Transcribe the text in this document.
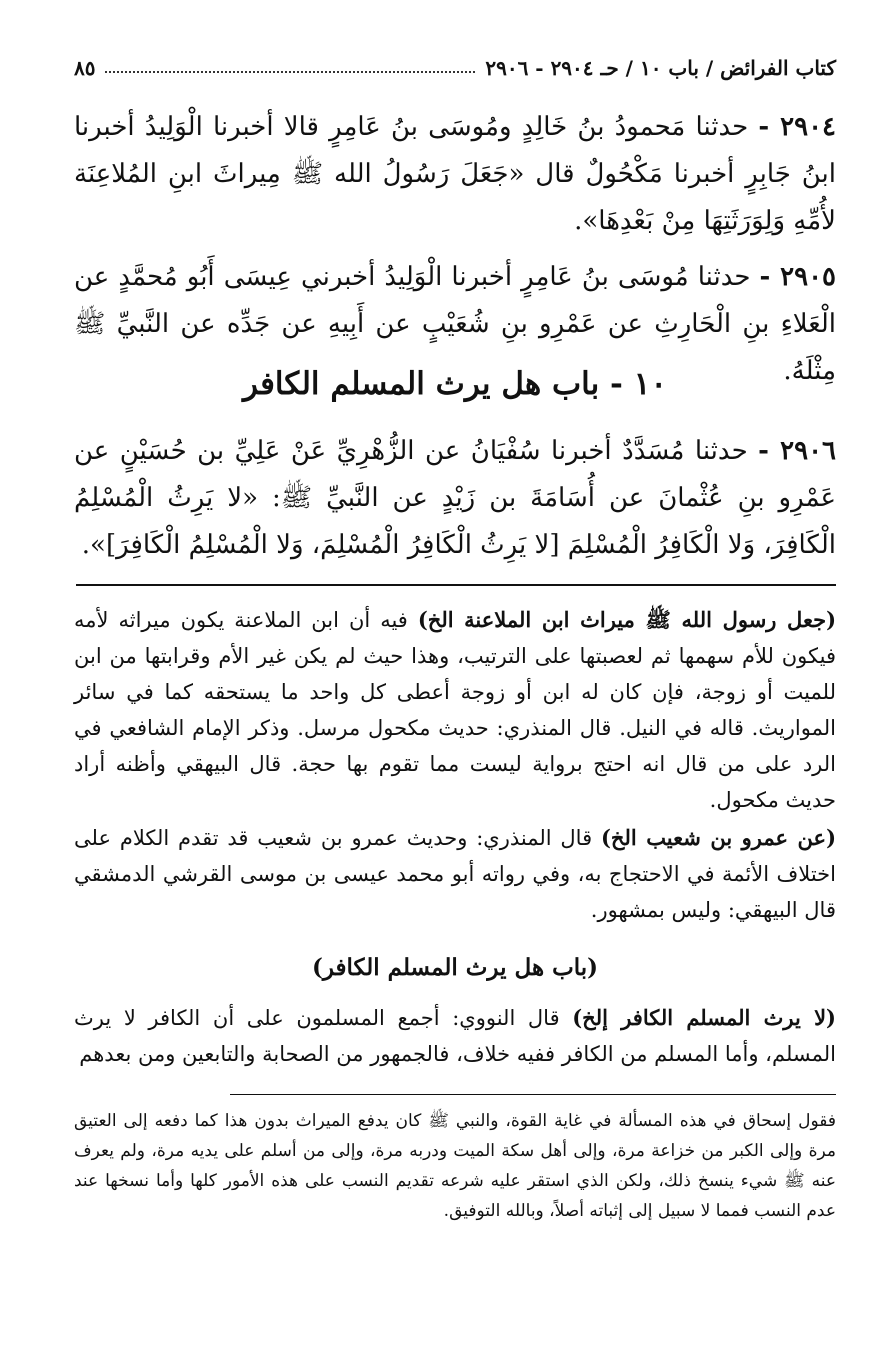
كتاب الفرائض / باب ١٠ / حـ ٢٩٠٤ - ٢٩٠٦
٨٥
٢٩٠٤ - حدثنا مَحمودُ بنُ خَالِدٍ ومُوسَى بنُ عَامِرٍ قالا أخبرنا الْوَلِيدُ أخبرنا ابنُ جَابِرٍ أخبرنا مَكْحُولٌ قال «جَعَلَ رَسُولُ الله ﷺ مِيراثَ ابنِ المُلاعِنَة لأُمِّهِ وَلِوَرَثَتِهَا مِنْ بَعْدِهَا».
٢٩٠٥ - حدثنا مُوسَى بنُ عَامِرٍ أخبرنا الْوَلِيدُ أخبرني عِيسَى أَبُو مُحمَّدٍ عن الْعَلاءِ بنِ الْحَارِثِ عن عَمْرِو بنِ شُعَيْبٍ عن أَبِيهِ عن جَدِّه عن النَّبيِّ ﷺ مِثْلَهُ.
١٠ - باب هل يرث المسلم الكافر
٢٩٠٦ - حدثنا مُسَدَّدٌ أخبرنا سُفْيَانُ عن الزُّهْرِيِّ عَنْ عَلِيِّ بن حُسَيْنٍ عن عَمْرِو بنِ عُثْمانَ عن أُسَامَةَ بن زَيْدٍ عن النَّبيِّ ﷺ: «لا يَرِثُ الْمُسْلِمُ الْكَافِرَ، وَلا الْكَافِرُ الْمُسْلِمَ [لا يَرِثُ الْكَافِرُ الْمُسْلِمَ، وَلا الْمُسْلِمُ الْكَافِرَ]».
(جعل رسول الله ﷺ ميراث ابن الملاعنة الخ) فيه أن ابن الملاعنة يكون ميراثه لأمه فيكون للأم سهمها ثم لعصبتها على الترتيب، وهذا حيث لم يكن غير الأم وقرابتها من ابن للميت أو زوجة، فإن كان له ابن أو زوجة أعطى كل واحد ما يستحقه كما في سائر المواريث. قاله في النيل. قال المنذري: حديث مكحول مرسل. وذكر الإمام الشافعي في الرد على من قال انه احتج برواية ليست مما تقوم بها حجة. قال البيهقي وأظنه أراد حديث مكحول.
(عن عمرو بن شعيب الخ) قال المنذري: وحديث عمرو بن شعيب قد تقدم الكلام على اختلاف الأئمة في الاحتجاج به، وفي رواته أبو محمد عيسى بن موسى القرشي الدمشقي قال البيهقي: وليس بمشهور.
(باب هل يرث المسلم الكافر)
(لا يرث المسلم الكافر إلخ) قال النووي: أجمع المسلمون على أن الكافر لا يرث المسلم، وأما المسلم من الكافر ففيه خلاف، فالجمهور من الصحابة والتابعين ومن بعدهم
فقول إسحاق في هذه المسألة في غاية القوة، والنبي ﷺ كان يدفع الميراث بدون هذا كما دفعه إلى العتيق مرة وإلى الكبر من خزاعة مرة، وإلى أهل سكة الميت ودربه مرة، وإلى من أسلم على يديه مرة، ولم يعرف عنه ﷺ شيء ينسخ ذلك، ولكن الذي استقر عليه شرعه تقديم النسب على هذه الأمور كلها وأما نسخها عند عدم النسب فمما لا سبيل إلى إثباته أصلاً، وبالله التوفيق.
